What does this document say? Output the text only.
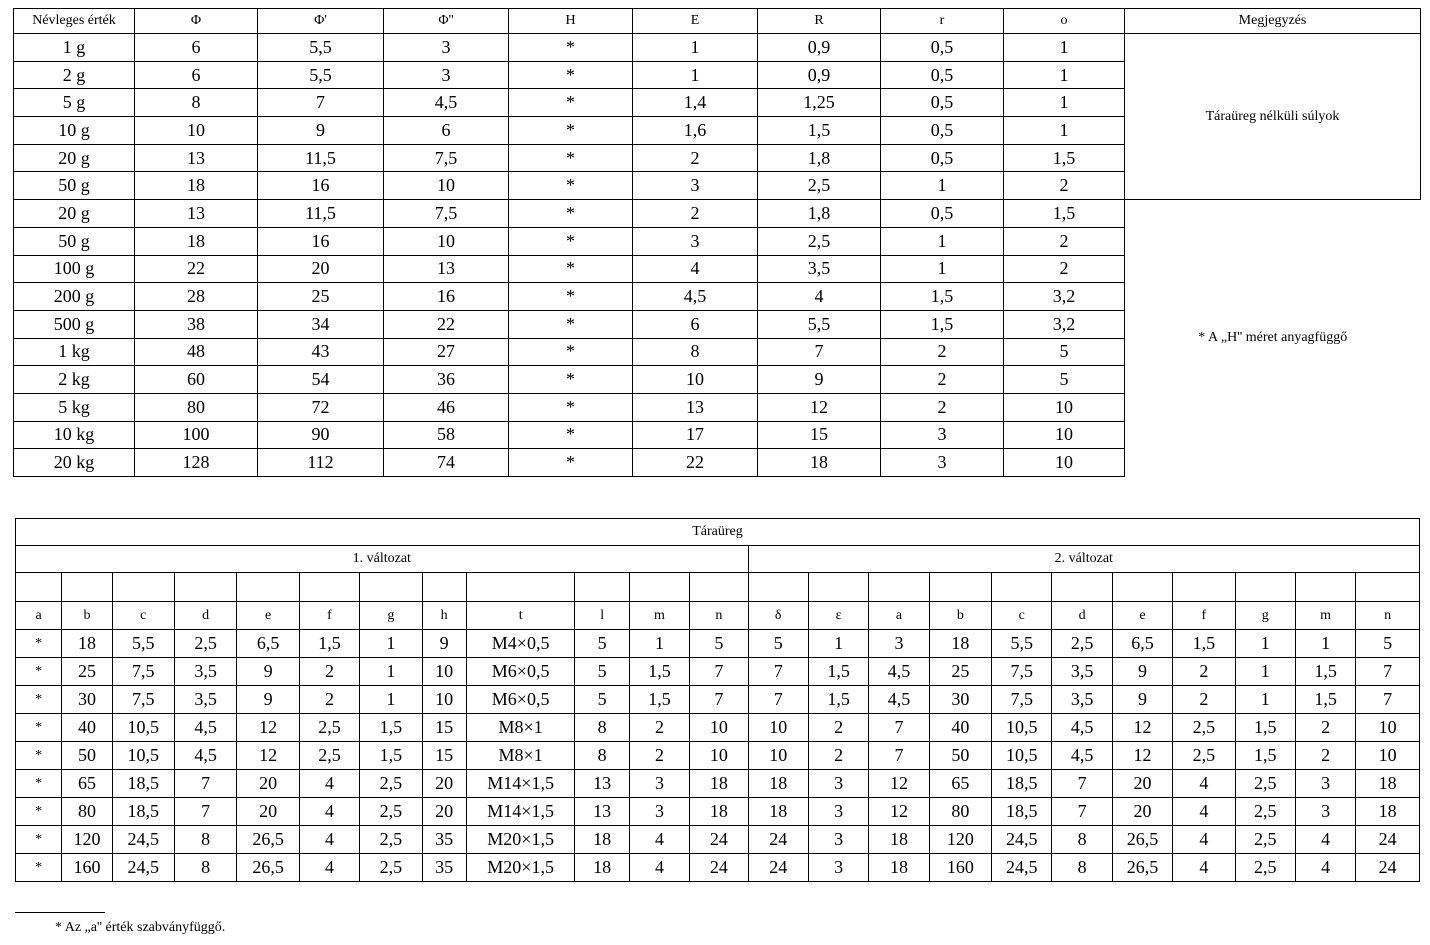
Névleges érték	Φ	Φ'	Φ''	H	E	R	r	o	Megjegyzés
1 g	6	5,5	3	*	1	0,9	0,5	1	Táraüreg nélküli súlyok
2 g	6	5,5	3	*	1	0,9	0,5	1	
5 g	8	7	4,5	*	1,4	1,25	0,5	1	
10 g	10	9	6	*	1,6	1,5	0,5	1	
20 g	13	11,5	7,5	*	2	1,8	0,5	1,5	
50 g	18	16	10	*	3	2,5	1	2	
20 g	13	11,5	7,5	*	2	1,8	0,5	1,5	* A „H'' méret anyagfüggő
50 g	18	16	10	*	3	2,5	1	2	
100 g	22	20	13	*	4	3,5	1	2	
200 g	28	25	16	*	4,5	4	1,5	3,2	
500 g	38	34	22	*	6	5,5	1,5	3,2	
1 kg	48	43	27	*	8	7	2	5	
2 kg	60	54	36	*	10	9	2	5	
5 kg	80	72	46	*	13	12	2	10	
10 kg	100	90	58	*	17	15	3	10	
20 kg	128	112	74	*	22	18	3	10	
Táraüreg																						
1. változat												2. változat										

a	b	c	d	e	f	g	h	t	l	m	n	δ	ε	a	b	c	d	e	f	g	m	n
*	18	5,5	2,5	6,5	1,5	1	9	M4×0,5	5	1	5	5	1	3	18	5,5	2,5	6,5	1,5	1	1	5
*	25	7,5	3,5	9	2	1	10	M6×0,5	5	1,5	7	7	1,5	4,5	25	7,5	3,5	9	2	1	1,5	7
*	30	7,5	3,5	9	2	1	10	M6×0,5	5	1,5	7	7	1,5	4,5	30	7,5	3,5	9	2	1	1,5	7
*	40	10,5	4,5	12	2,5	1,5	15	M8×1	8	2	10	10	2	7	40	10,5	4,5	12	2,5	1,5	2	10
*	50	10,5	4,5	12	2,5	1,5	15	M8×1	8	2	10	10	2	7	50	10,5	4,5	12	2,5	1,5	2	10
*	65	18,5	7	20	4	2,5	20	M14×1,5	13	3	18	18	3	12	65	18,5	7	20	4	2,5	3	18
*	80	18,5	7	20	4	2,5	20	M14×1,5	13	3	18	18	3	12	80	18,5	7	20	4	2,5	3	18
*	120	24,5	8	26,5	4	2,5	35	M20×1,5	18	4	24	24	3	18	120	24,5	8	26,5	4	2,5	4	24
*	160	24,5	8	26,5	4	2,5	35	M20×1,5	18	4	24	24	3	18	160	24,5	8	26,5	4	2,5	4	24
* Az „a'' érték szabványfüggő.
